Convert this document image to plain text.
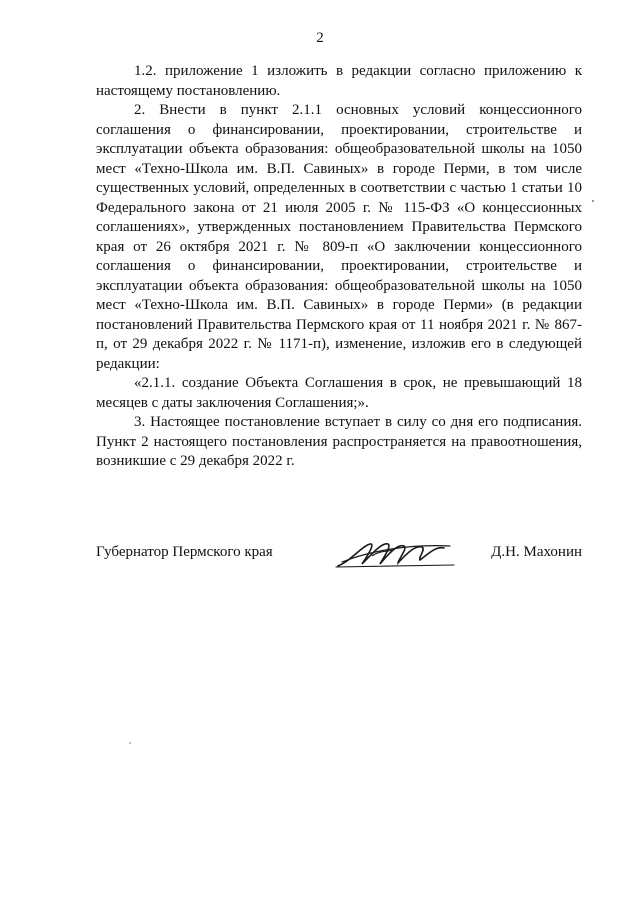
2

1.2. приложение 1 изложить в редакции согласно приложению к настоящему постановлению.

2. Внести в пункт 2.1.1 основных условий концессионного соглашения о финансировании, проектировании, строительстве и эксплуатации объекта образования: общеобразовательной школы на 1050 мест «Техно-Школа им. В.П. Савиных» в городе Перми, в том числе существенных условий, определенных в соответствии с частью 1 статьи 10 Федерального закона от 21 июля 2005 г. № 115-ФЗ «О концессионных соглашениях», утвержденных постановлением Правительства Пермского края от 26 октября 2021 г. № 809-п «О заключении концессионного соглашения о финансировании, проектировании, строительстве и эксплуатации объекта образования: общеобразовательной школы на 1050 мест «Техно-Школа им. В.П. Савиных» в городе Перми» (в редакции постановлений Правительства Пермского края от 11 ноября 2021 г. № 867-п, от 29 декабря 2022 г. № 1171-п), изменение, изложив его в следующей редакции:

«2.1.1. создание Объекта Соглашения в срок, не превышающий 18 месяцев с даты заключения Соглашения;».

3. Настоящее постановление вступает в силу со дня его подписания. Пункт 2 настоящего постановления распространяется на правоотношения, возникшие с 29 декабря 2022 г.

Губернатор Пермского края	Д.Н. Махонин
